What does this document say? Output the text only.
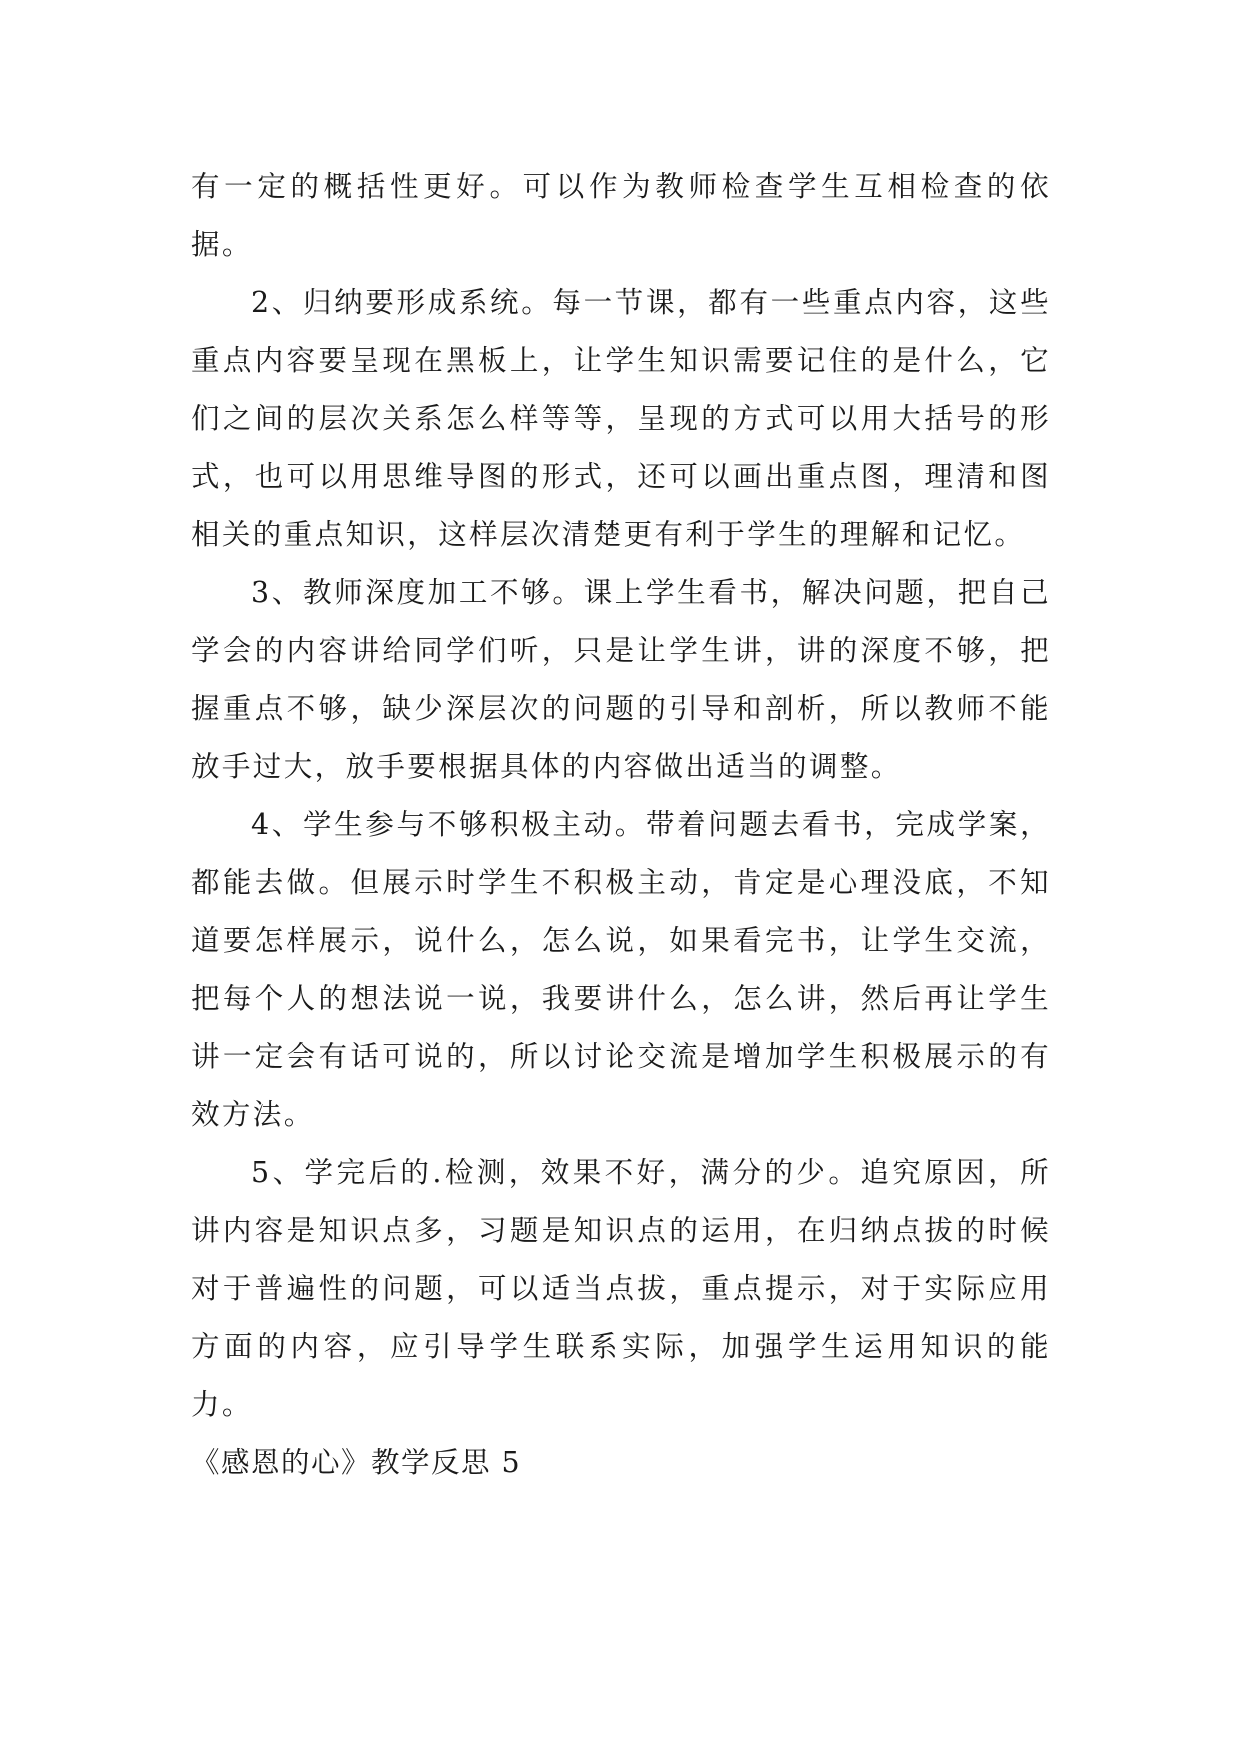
有一定的概括性更好。可以作为教师检查学生互相检查的依据。

2、归纳要形成系统。每一节课，都有一些重点内容，这些重点内容要呈现在黑板上，让学生知识需要记住的是什么，它们之间的层次关系怎么样等等，呈现的方式可以用大括号的形式，也可以用思维导图的形式，还可以画出重点图，理清和图相关的重点知识，这样层次清楚更有利于学生的理解和记忆。

3、教师深度加工不够。课上学生看书，解决问题，把自己学会的内容讲给同学们听，只是让学生讲，讲的深度不够，把握重点不够，缺少深层次的问题的引导和剖析，所以教师不能放手过大，放手要根据具体的内容做出适当的调整。

4、学生参与不够积极主动。带着问题去看书，完成学案，都能去做。但展示时学生不积极主动，肯定是心理没底，不知道要怎样展示，说什么，怎么说，如果看完书，让学生交流，把每个人的想法说一说，我要讲什么，怎么讲，然后再让学生讲一定会有话可说的，所以讨论交流是增加学生积极展示的有效方法。

5、学完后的.检测，效果不好，满分的少。追究原因，所讲内容是知识点多，习题是知识点的运用，在归纳点拔的时候对于普遍性的问题，可以适当点拔，重点提示，对于实际应用方面的内容，应引导学生联系实际，加强学生运用知识的能力。

《感恩的心》教学反思 5
